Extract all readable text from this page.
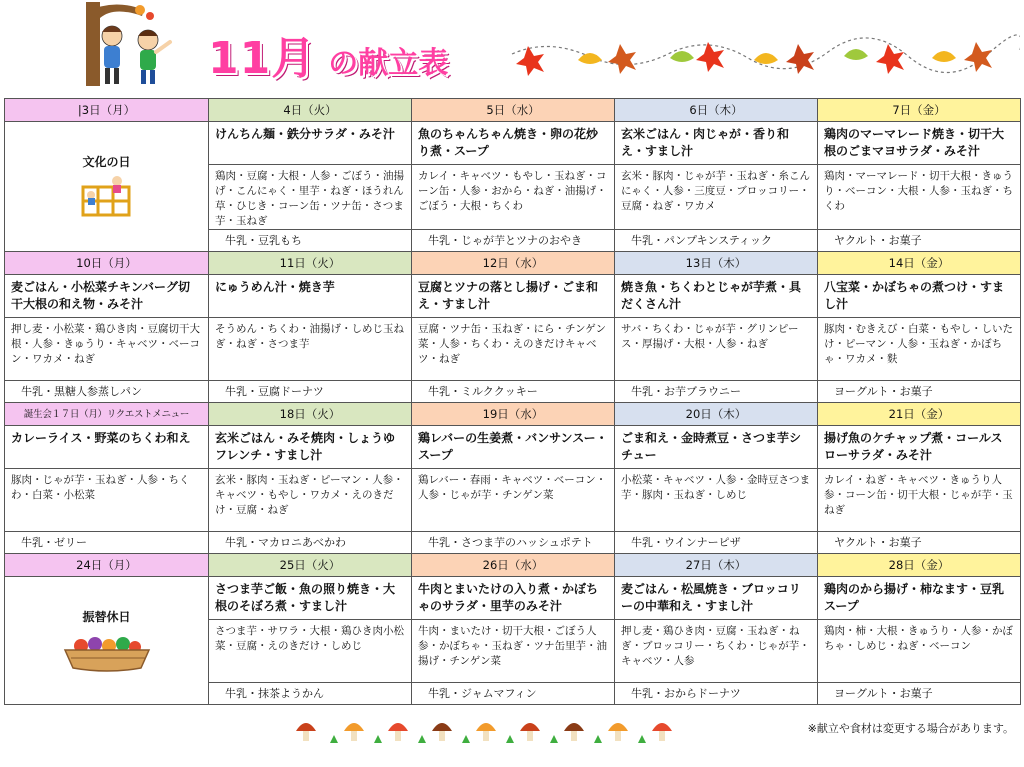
11月 の献立表
|3日（月）	4日（火）	5日（水）	6日（木）	7日（金）

文化の日	けんちん麺・鉄分サラダ・みそ汁	魚のちゃんちゃん焼き・卵の花炒り煮・スープ	玄米ごはん・肉じゃが・香り和え・すまし汁	鶏肉のマーマレード焼き・切干大根のごまマヨサラダ・みそ汁
	鶏肉・豆腐・大根・人参・ごぼう・油揚げ・こんにゃく・里芋・ねぎ・ほうれん草・ひじき・コーン缶・ツナ缶・さつま芋・玉ねぎ	カレイ・キャベツ・もやし・玉ねぎ・コーン缶・人参・おから・ねぎ・油揚げ・ごぼう・大根・ちくわ	玄米・豚肉・じゃが芋・玉ねぎ・糸こんにゃく・人参・三度豆・ブロッコリー・豆腐・ねぎ・ワカメ	鶏肉・マーマレード・切干大根・きゅうり・ベーコン・大根・人参・玉ねぎ・ちくわ
	牛乳・豆乳もち	牛乳・じゃが芋とツナのおやき	牛乳・パンプキンスティック	ヤクルト・お菓子
10日（月）	11日（火）	12日（水）	13日（木）	14日（金）
麦ごはん・小松菜チキンバーグ切干大根の和え物・みそ汁	にゅうめん汁・焼き芋	豆腐とツナの落とし揚げ・ごま和え・すまし汁	焼き魚・ちくわとじゃが芋煮・具だくさん汁	八宝菜・かぼちゃの煮つけ・すまし汁
押し麦・小松菜・鶏ひき肉・豆腐切干大根・人参・きゅうり・キャベツ・ベーコン・ワカメ・ねぎ	そうめん・ちくわ・油揚げ・しめじ玉ねぎ・ねぎ・さつま芋	豆腐・ツナ缶・玉ねぎ・にら・チンゲン菜・人参・ちくわ・えのきだけキャベツ・ねぎ	サバ・ちくわ・じゃが芋・グリンピース・厚揚げ・大根・人参・ねぎ	豚肉・むきえび・白菜・もやし・しいたけ・ピーマン・人参・玉ねぎ・かぼちゃ・ワカメ・麩
牛乳・黒糖人参蒸しパン	牛乳・豆腐ドーナツ	牛乳・ミルククッキー	牛乳・お芋ブラウニー	ヨーグルト・お菓子
誕生会１７日（月）リクエストメニュー	18日（火）	19日（水）	20日（木）	21日（金）
カレーライス・野菜のちくわ和え	玄米ごはん・みそ焼肉・しょうゆフレンチ・すまし汁	鶏レバーの生姜煮・バンサンスー・スープ	ごま和え・金時煮豆・さつま芋シチュー	揚げ魚のケチャップ煮・コールスローサラダ・みそ汁
豚肉・じゃが芋・玉ねぎ・人参・ちくわ・白菜・小松菜	玄米・豚肉・玉ねぎ・ピーマン・人参・キャベツ・もやし・ワカメ・えのきだけ・豆腐・ねぎ	鶏レバー・春雨・キャベツ・ベーコン・人参・じゃが芋・チンゲン菜	小松菜・キャベツ・人参・金時豆さつま芋・豚肉・玉ねぎ・しめじ	カレイ・ねぎ・キャベツ・きゅうり人参・コーン缶・切干大根・じゃが芋・玉ねぎ
牛乳・ゼリー	牛乳・マカロニあべかわ	牛乳・さつま芋のハッシュポテト	牛乳・ウインナーピザ	ヤクルト・お菓子
24日（月）	25日（火）	26日（水）	27日（木）	28日（金）

振替休日	さつま芋ご飯・魚の照り焼き・大根のそぼろ煮・すまし汁	牛肉とまいたけの入り煮・かぼちゃのサラダ・里芋のみそ汁	麦ごはん・松風焼き・ブロッコリーの中華和え・すまし汁	鶏肉のから揚げ・柿なます・豆乳スープ
	さつま芋・サワラ・大根・鶏ひき肉小松菜・豆腐・えのきだけ・しめじ	牛肉・まいたけ・切干大根・ごぼう人参・かぼちゃ・玉ねぎ・ツナ缶里芋・油揚げ・チンゲン菜	押し麦・鶏ひき肉・豆腐・玉ねぎ・ねぎ・ブロッコリー・ちくわ・じゃが芋・キャベツ・人参	鶏肉・柿・大根・きゅうり・人参・かぼちゃ・しめじ・ねぎ・ベーコン
	牛乳・抹茶ようかん	牛乳・ジャムマフィン	牛乳・おからドーナツ	ヨーグルト・お菓子
※献立や食材は変更する場合があります。
